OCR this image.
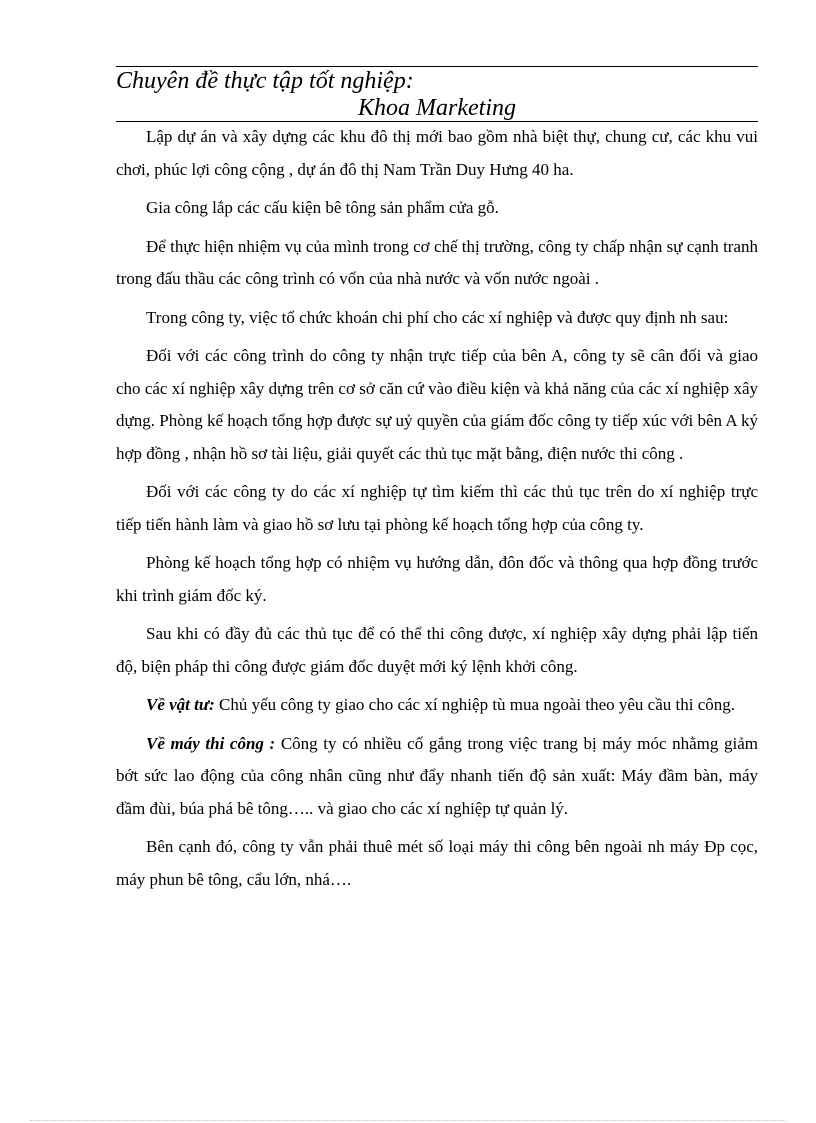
Chuyên đề thực tập tốt nghiệp:
Khoa Marketing

Lập dự án và xây dựng các khu đô thị mới bao gồm nhà biệt thự, chung cư, các khu vui chơi, phúc lợi công cộng , dự án đô thị Nam Trần Duy Hưng 40 ha.

Gia công lắp các cấu kiện bê tông sản phẩm cửa gỗ.

Để thực hiện nhiệm vụ của mình trong cơ chế thị trường, công ty chấp nhận sự cạnh tranh trong đấu thầu các công trình có vốn của nhà nước và vốn nước ngoài .

Trong công ty, việc tổ chức khoán chi phí cho các xí nghiệp và được quy định nh sau:

Đối với các công trình do công ty nhận trực tiếp của bên A, công ty sẽ cân đối và giao cho các xí nghiệp xây dựng trên cơ sở căn cứ vào điều kiện và khả năng của các xí nghiệp xây dựng. Phòng kế hoạch tổng hợp được sự uỷ quyền của giám đốc công ty tiếp xúc với bên A ký hợp đồng , nhận hồ sơ tài liệu, giải quyết các thủ tục mặt bằng, điện nước thi công .

Đối với các công ty do các xí nghiệp tự tìm kiếm thì các thủ tục trên do xí nghiệp trực tiếp tiến hành làm và giao hồ sơ lưu tại phòng kế hoạch tổng hợp của công ty.

Phòng kế hoạch tổng hợp có nhiệm vụ hướng dẫn, đôn đốc và thông qua hợp đồng trước khi trình giám đốc ký.

Sau khi có đầy đủ các thủ tục để có thể thi công được, xí nghiệp xây dựng phải lập tiến độ, biện pháp thi công được giám đốc duyệt mới ký lệnh khởi công.

Về vật tư: Chủ yếu công ty giao cho các xí nghiệp tù mua ngoài theo yêu cầu thi công.

Về máy thi công : Công ty có nhiều cố gắng trong việc trang bị máy móc nhằmg giảm bớt sức lao động của công nhân cũng như đẩy nhanh tiến độ sản xuất: Máy đầm bàn, máy đầm đùi, búa phá bê tông….. và giao cho các xí nghiệp tự quản lý.

Bên cạnh đó, công ty vẫn phải thuê mét số loại máy thi công bên ngoài nh máy Đp cọc, máy phun bê tông, cẩu lớn, nhá….
